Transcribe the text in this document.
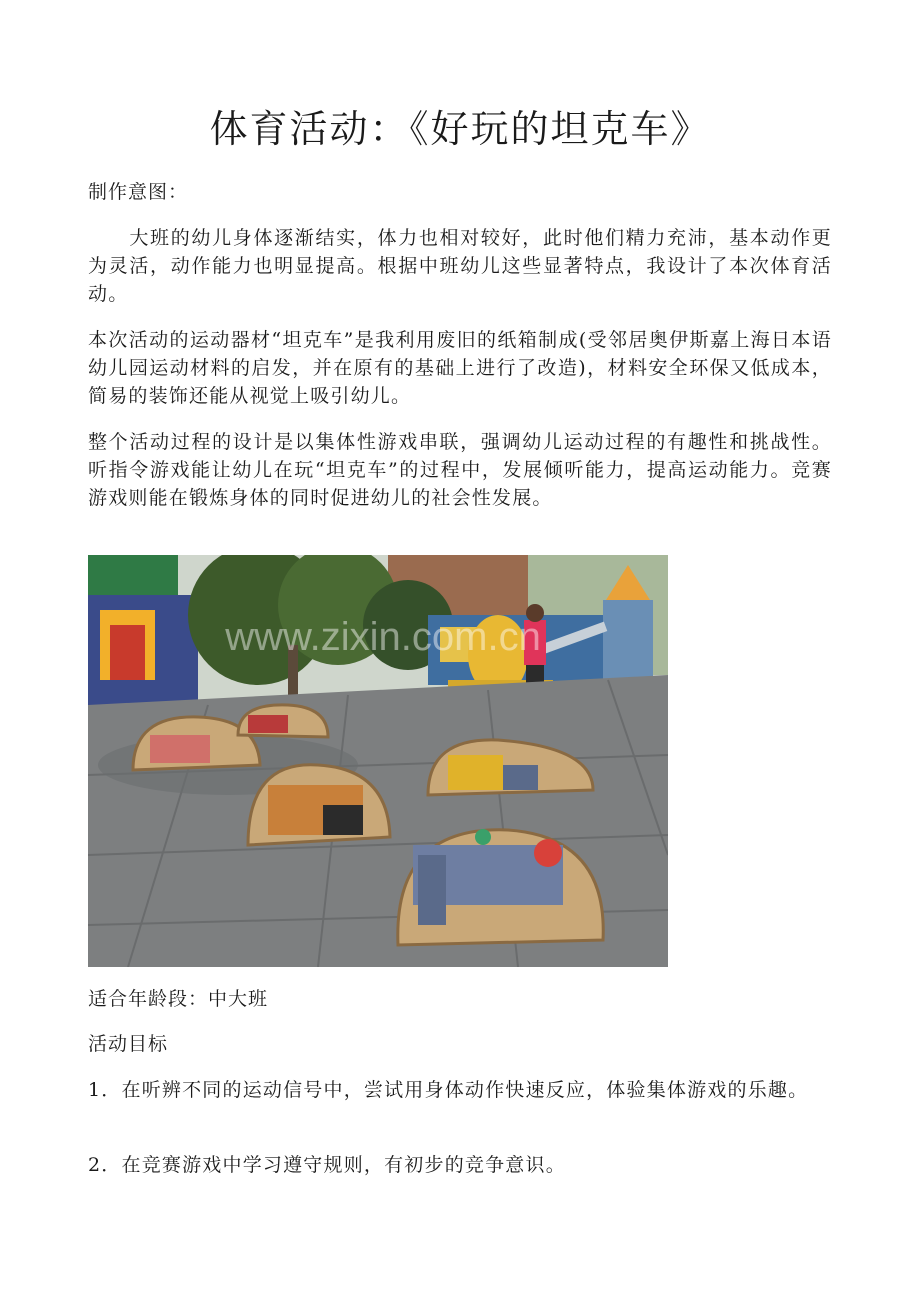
体育活动：《好玩的坦克车》

制作意图：

　　大班的幼儿身体逐渐结实，体力也相对较好，此时他们精力充沛，基本动作更为灵活，动作能力也明显提高。根据中班幼儿这些显著特点，我设计了本次体育活动。

本次活动的运动器材“坦克车”是我利用废旧的纸箱制成(受邻居奥伊斯嘉上海日本语幼儿园运动材料的启发，并在原有的基础上进行了改造)，材料安全环保又低成本，简易的装饰还能从视觉上吸引幼儿。

整个活动过程的设计是以集体性游戏串联，强调幼儿运动过程的有趣性和挑战性。听指令游戏能让幼儿在玩“坦克车”的过程中，发展倾听能力，提高运动能力。竞赛游戏则能在锻炼身体的同时促进幼儿的社会性发展。

www.zixin.com.cn

适合年龄段：中大班

活动目标

1．在听辨不同的运动信号中，尝试用身体动作快速反应，体验集体游戏的乐趣。

2．在竞赛游戏中学习遵守规则，有初步的竞争意识。
